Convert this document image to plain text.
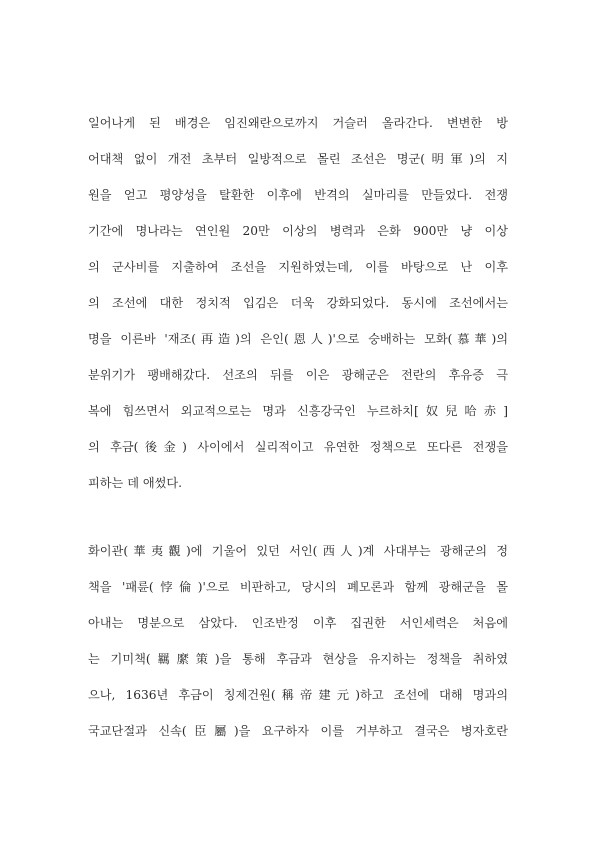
일어나게 된 배경은 임진왜란으로까지 거슬러 올라간다. 변변한 방
어대책 없이 개전 초부터 일방적으로 몰린 조선은 명군(明軍)의 지
원을 얻고 평양성을 탈환한 이후에 반격의 실마리를 만들었다. 전쟁
기간에 명나라는 연인원 20만 이상의 병력과 은화 900만 냥 이상
의 군사비를 지출하여 조선을 지원하였는데, 이를 바탕으로 난 이후
의 조선에 대한 정치적 입김은 더욱 강화되었다. 동시에 조선에서는
명을 이른바 '재조(再造)의 은인(恩人)'으로 숭배하는 모화(慕華)의
분위기가 팽배해갔다. 선조의 뒤를 이은 광해군은 전란의 후유증 극
복에 힘쓰면서 외교적으로는 명과 신흥강국인 누르하치[奴兒哈赤]
의 후금(後金) 사이에서 실리적이고 유연한 정책으로 또다른 전쟁을
피하는 데 애썼다.
화이관(華夷觀)에 기울어 있던 서인(西人)계 사대부는 광해군의 정
책을 '패륜(悖倫)'으로 비판하고, 당시의 폐모론과 함께 광해군을 몰
아내는 명분으로 삼았다. 인조반정 이후 집권한 서인세력은 처음에
는 기미책(羈縻策)을 통해 후금과 현상을 유지하는 정책을 취하였
으나, 1636년 후금이 칭제건원(稱帝建元)하고 조선에 대해 명과의
국교단절과 신속(臣屬)을 요구하자 이를 거부하고 결국은 병자호란
